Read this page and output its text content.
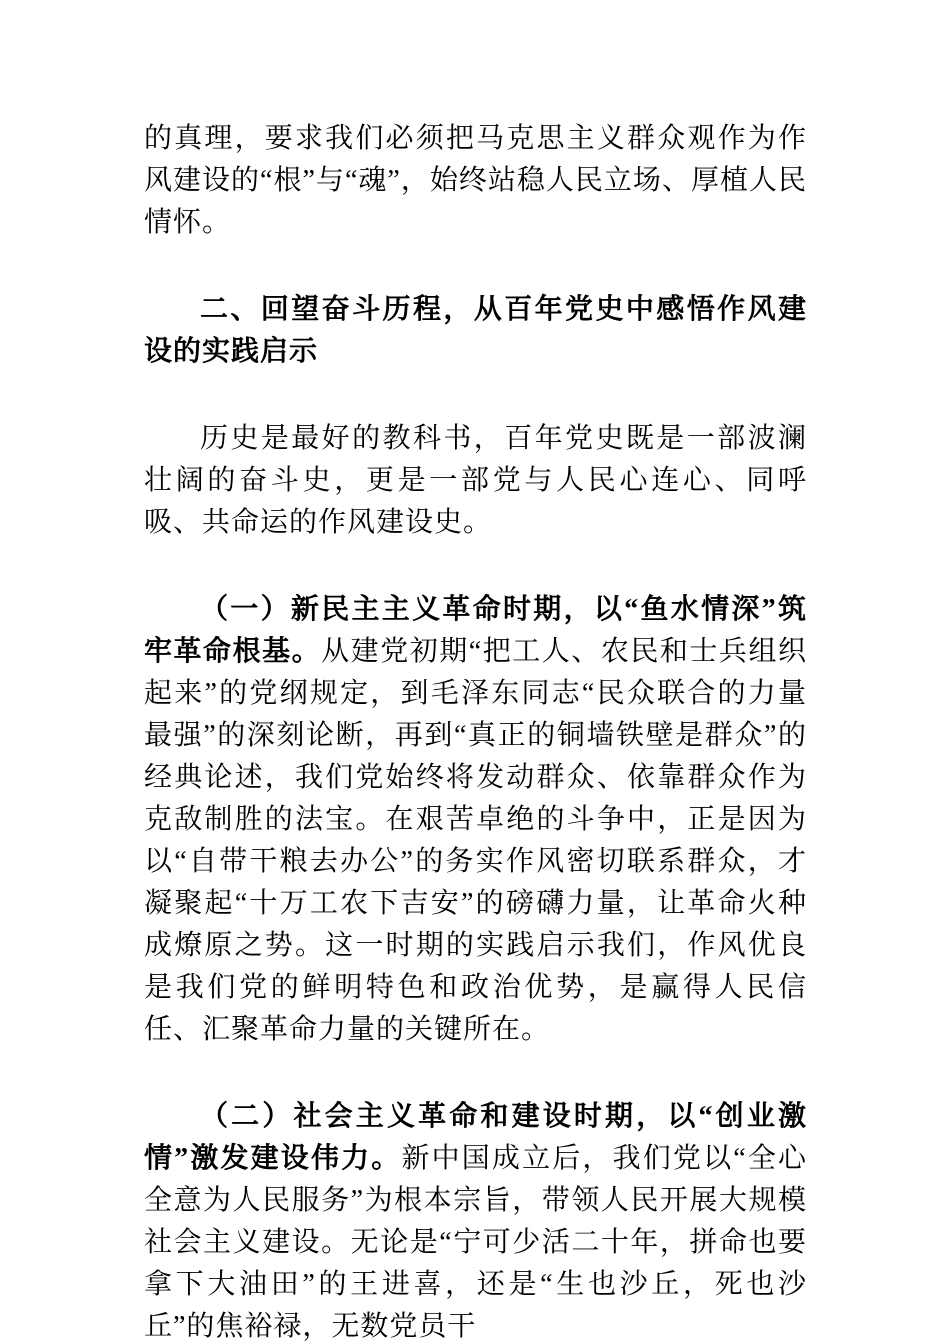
的真理，要求我们必须把马克思主义群众观作为作风建设的“根”与“魂”，始终站稳人民立场、厚植人民情怀。
二、回望奋斗历程，从百年党史中感悟作风建设的实践启示
历史是最好的教科书，百年党史既是一部波澜壮阔的奋斗史，更是一部党与人民心连心、同呼吸、共命运的作风建设史。
（一）新民主主义革命时期，以“鱼水情深”筑牢革命根基。从建党初期“把工人、农民和士兵组织起来”的党纲规定，到毛泽东同志“民众联合的力量最强”的深刻论断，再到“真正的铜墙铁壁是群众”的经典论述，我们党始终将发动群众、依靠群众作为克敌制胜的法宝。在艰苦卓绝的斗争中，正是因为以“自带干粮去办公”的务实作风密切联系群众，才凝聚起“十万工农下吉安”的磅礴力量，让革命火种成燎原之势。这一时期的实践启示我们，作风优良是我们党的鲜明特色和政治优势，是赢得人民信任、汇聚革命力量的关键所在。
（二）社会主义革命和建设时期，以“创业激情”激发建设伟力。新中国成立后，我们党以“全心全意为人民服务”为根本宗旨，带领人民开展大规模社会主义建设。无论是“宁可少活二十年，拼命也要拿下大油田”的王进喜，还是“生也沙丘，死也沙丘”的焦裕禄，无数党员干
